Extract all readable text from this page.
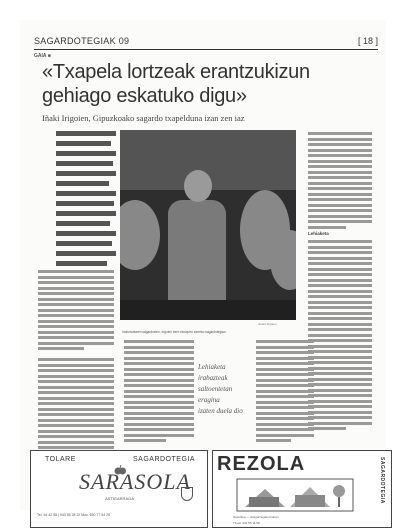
SAGARDOTEGIAK 09	[ 18 ]
GAIA ■
«Txapela lortzeak erantzukizun
gehiago eskatuko digu»
Iñaki Irigoien, Gipuzkoako sagardo txapelduna izan zen iaz
Justin Irigoien
Irakurtzaiaren sagardoekin, Irigoien bere ekoizpen sarreko sagardotegian.
Lehiaketa
irabazteak
saltoentetan
eragina
izaten duela dio
Lehiaketa
TOLARE	SAGARDOTEGIA
SARASOLA
ASTIGARRAGA
Tel. 94 42 55 | 943 55 28 22 Mov. 630 77 54 28
REZOLA	SAGARDOTEGIA
Gipuzkoa — Astigarragako bidean
Tfnoa: 943 55 11 58
